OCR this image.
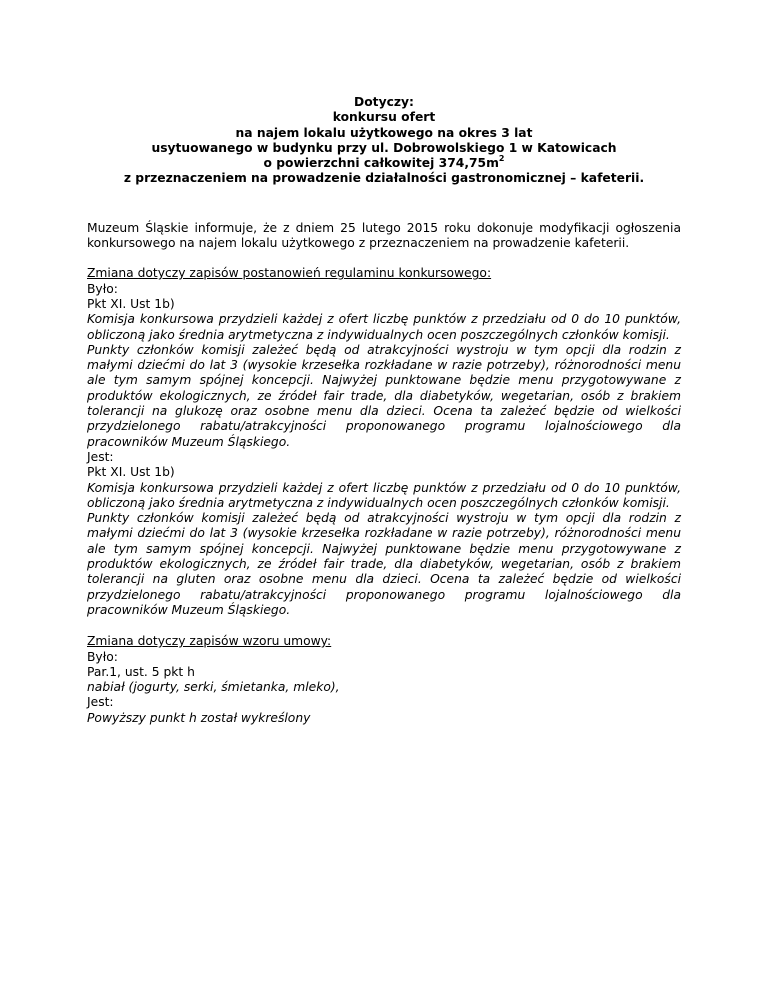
Dotyczy:
konkursu ofert
na najem lokalu użytkowego na okres 3 lat
usytuowanego w budynku przy ul. Dobrowolskiego 1 w Katowicach
o powierzchni całkowitej $374,75m^2$
z przeznaczeniem na prowadzenie działalności gastronomicznej – kafeterii.
Muzeum Śląskie informuje, że z dniem 25 lutego 2015 roku dokonuje modyfikacji ogłoszenia konkursowego na najem lokalu użytkowego z przeznaczeniem na prowadzenie kafeterii.
Zmiana dotyczy zapisów postanowień regulaminu konkursowego:
Było:
Pkt XI. Ust 1b)
Komisja konkursowa przydzieli każdej z ofert liczbę punktów z przedziału od 0 do 10 punktów, obliczoną jako średnia arytmetyczna z indywidualnych ocen poszczególnych członków komisji.
Punkty członków komisji zależeć będą od atrakcyjności wystroju w tym opcji dla rodzin z małymi dziećmi do lat 3 (wysokie krzesełka rozkładane w razie potrzeby), różnorodności menu ale tym samym spójnej koncepcji. Najwyżej punktowane będzie menu przygotowywane z produktów ekologicznych, ze źródeł fair trade, dla diabetyków, wegetarian, osób z brakiem tolerancji na glukozę oraz osobne menu dla dzieci. Ocena ta zależeć będzie od wielkości przydzielonego rabatu/atrakcyjności proponowanego programu lojalnościowego dla pracowników Muzeum Śląskiego.
Jest:
Pkt XI. Ust 1b)
Komisja konkursowa przydzieli każdej z ofert liczbę punktów z przedziału od 0 do 10 punktów, obliczoną jako średnia arytmetyczna z indywidualnych ocen poszczególnych członków komisji.
Punkty członków komisji zależeć będą od atrakcyjności wystroju w tym opcji dla rodzin z małymi dziećmi do lat 3 (wysokie krzesełka rozkładane w razie potrzeby), różnorodności menu ale tym samym spójnej koncepcji. Najwyżej punktowane będzie menu przygotowywane z produktów ekologicznych, ze źródeł fair trade, dla diabetyków, wegetarian, osób z brakiem tolerancji na gluten oraz osobne menu dla dzieci. Ocena ta zależeć będzie od wielkości przydzielonego rabatu/atrakcyjności proponowanego programu lojalnościowego dla pracowników Muzeum Śląskiego.
Zmiana dotyczy zapisów wzoru umowy:
Było:
Par.1, ust. 5 pkt h
nabiał (jogurty, serki, śmietanka, mleko),
Jest:
Powyższy punkt h został wykreślony
